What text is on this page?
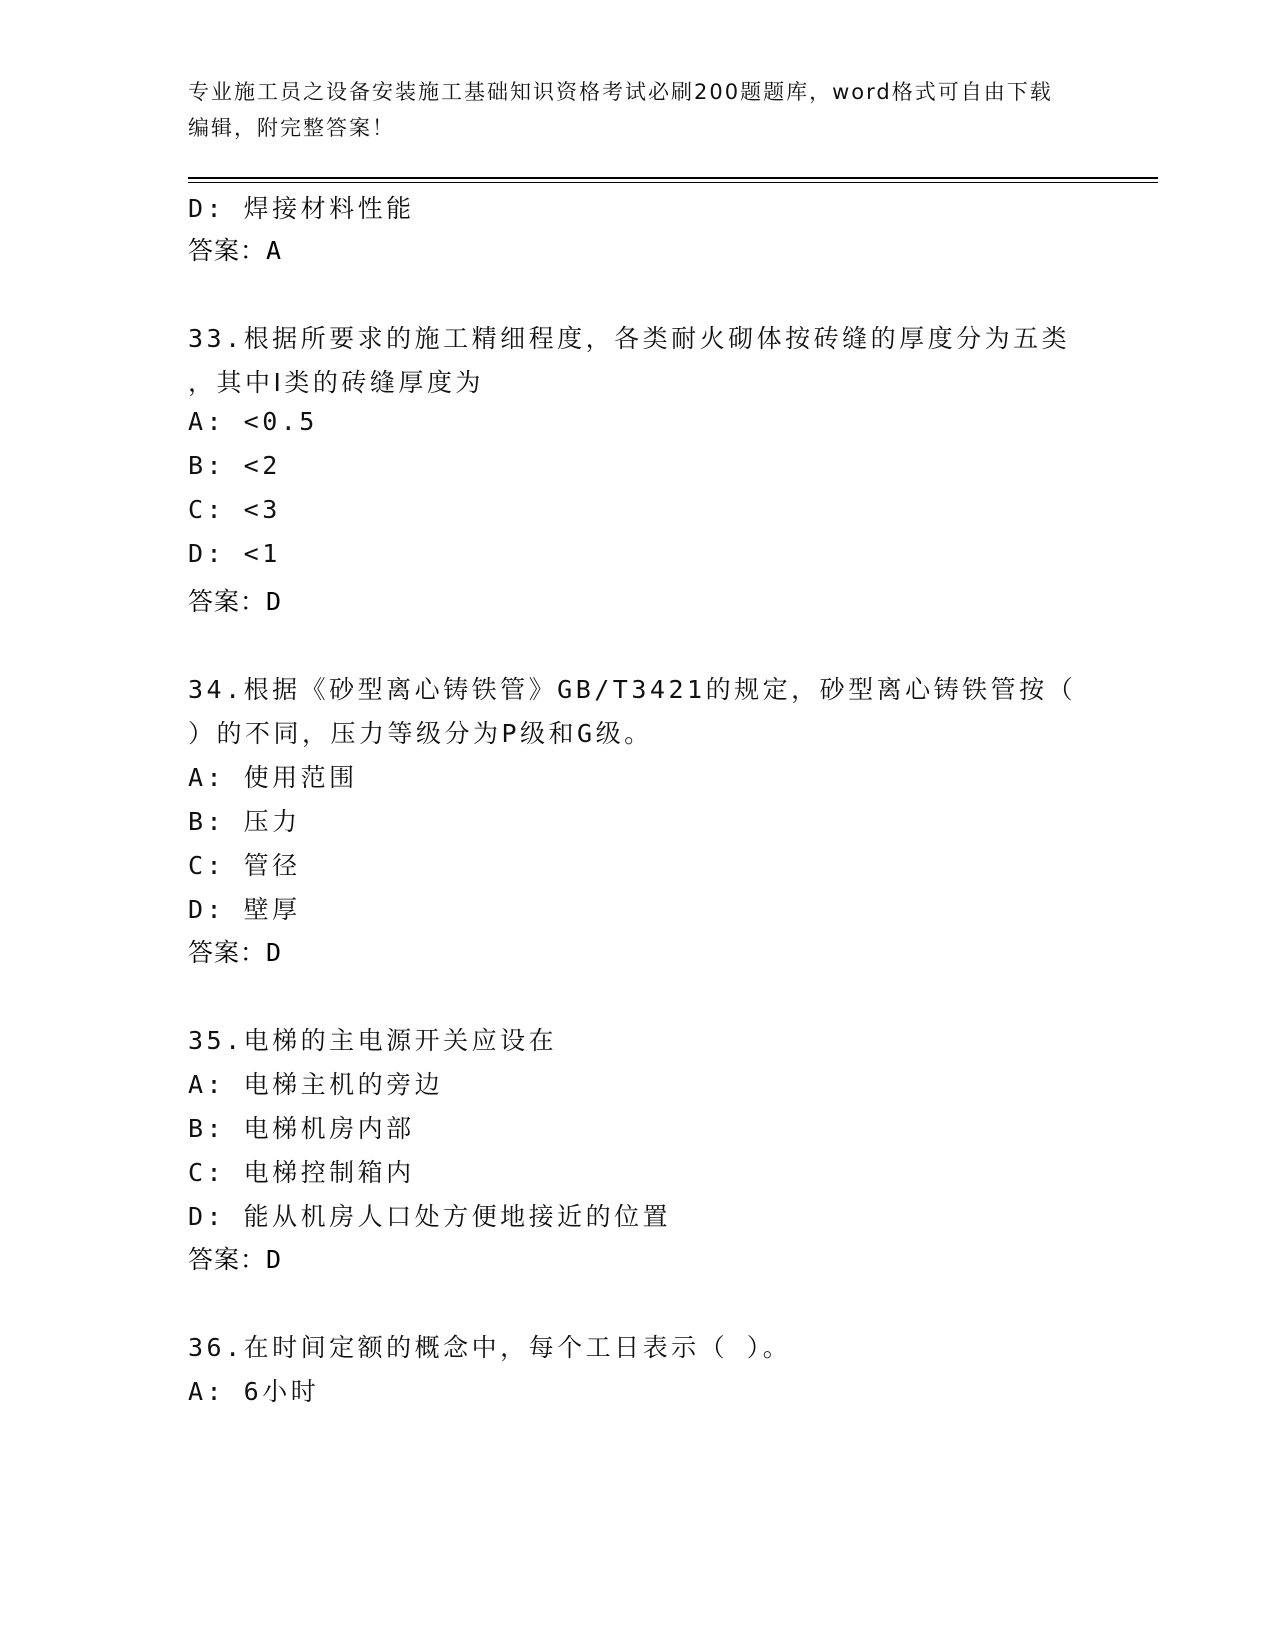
专业施工员之设备安装施工基础知识资格考试必刷200题题库，word格式可自由下载编辑，附完整答案！
D: 焊接材料性能
答案：A
33.根据所要求的施工精细程度，各类耐火砌体按砖缝的厚度分为五类
，其中Ⅰ类的砖缝厚度为
A: <0.5
B: <2
C: <3
D: <1
答案：D
34.根据《砂型离心铸铁管》GB/T3421的规定，砂型离心铸铁管按（
）的不同，压力等级分为P级和G级。
A: 使用范围
B: 压力
C: 管径
D: 壁厚
答案：D
35.电梯的主电源开关应设在
A: 电梯主机的旁边
B: 电梯机房内部
C: 电梯控制箱内
D: 能从机房人口处方便地接近的位置
答案：D
36.在时间定额的概念中，每个工日表示（ ）。
A: 6小时
